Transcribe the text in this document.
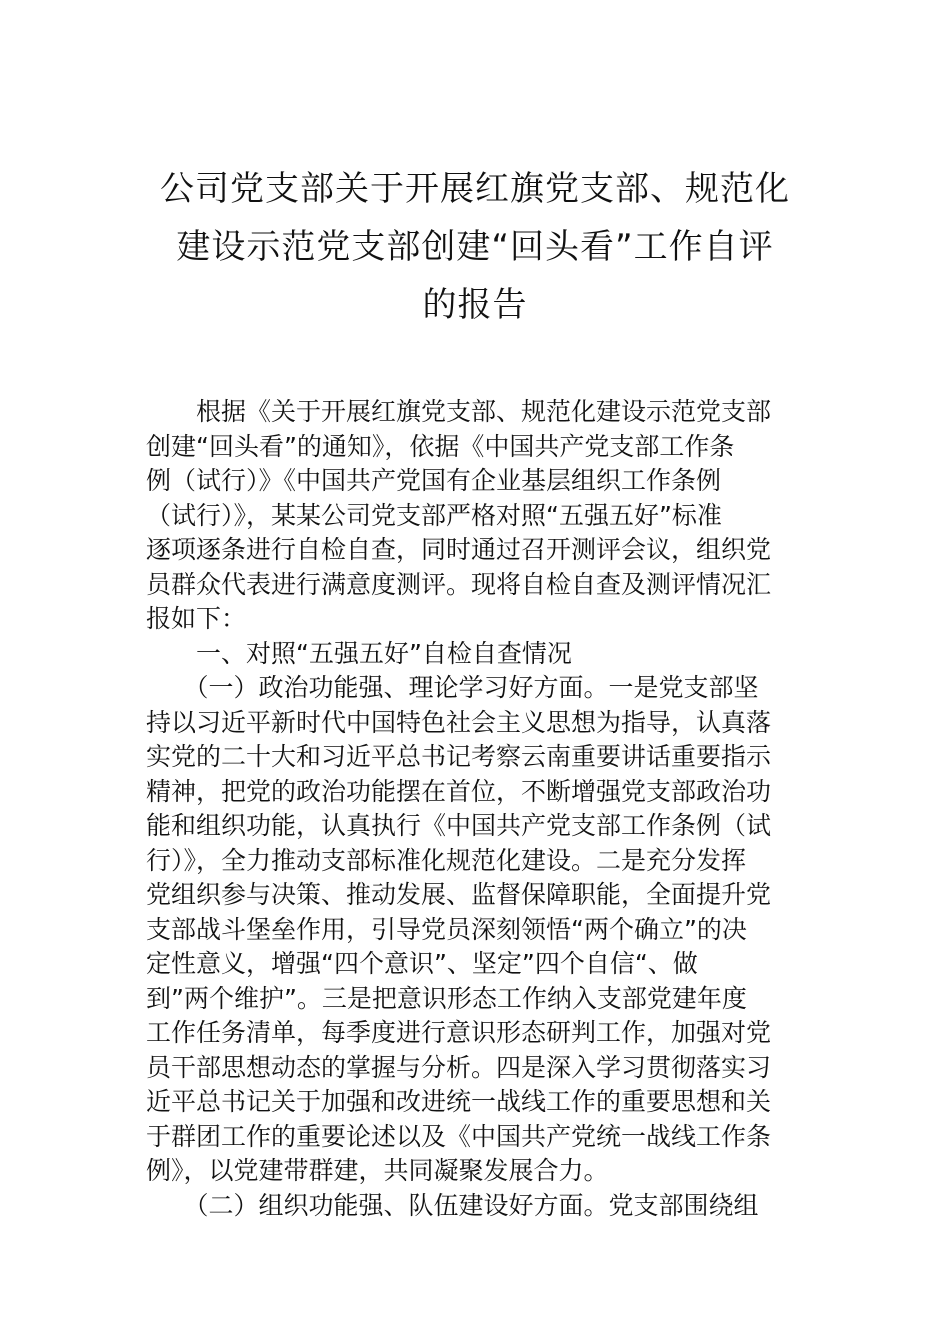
公司党支部关于开展红旗党支部、规范化
建设示范党支部创建“回头看”工作自评
的报告
　　根据《关于开展红旗党支部、规范化建设示范党支部
创建“回头看”的通知》，依据《中国共产党支部工作条
例（试行）》《中国共产党国有企业基层组织工作条例
（试行）》，某某公司党支部严格对照“五强五好”标准
逐项逐条进行自检自查，同时通过召开测评会议，组织党
员群众代表进行满意度测评。现将自检自查及测评情况汇
报如下：
　　一、对照“五强五好”自检自查情况
　　（一）政治功能强、理论学习好方面。一是党支部坚
持以习近平新时代中国特色社会主义思想为指导，认真落
实党的二十大和习近平总书记考察云南重要讲话重要指示
精神，把党的政治功能摆在首位，不断增强党支部政治功
能和组织功能，认真执行《中国共产党支部工作条例（试
行）》，全力推动支部标准化规范化建设。二是充分发挥
党组织参与决策、推动发展、监督保障职能，全面提升党
支部战斗堡垒作用，引导党员深刻领悟“两个确立”的决
定性意义，增强“四个意识”、坚定”四个自信“、做
到”两个维护”。三是把意识形态工作纳入支部党建年度
工作任务清单，每季度进行意识形态研判工作，加强对党
员干部思想动态的掌握与分析。四是深入学习贯彻落实习
近平总书记关于加强和改进统一战线工作的重要思想和关
于群团工作的重要论述以及《中国共产党统一战线工作条
例》，以党建带群建，共同凝聚发展合力。
　　（二）组织功能强、队伍建设好方面。党支部围绕组
